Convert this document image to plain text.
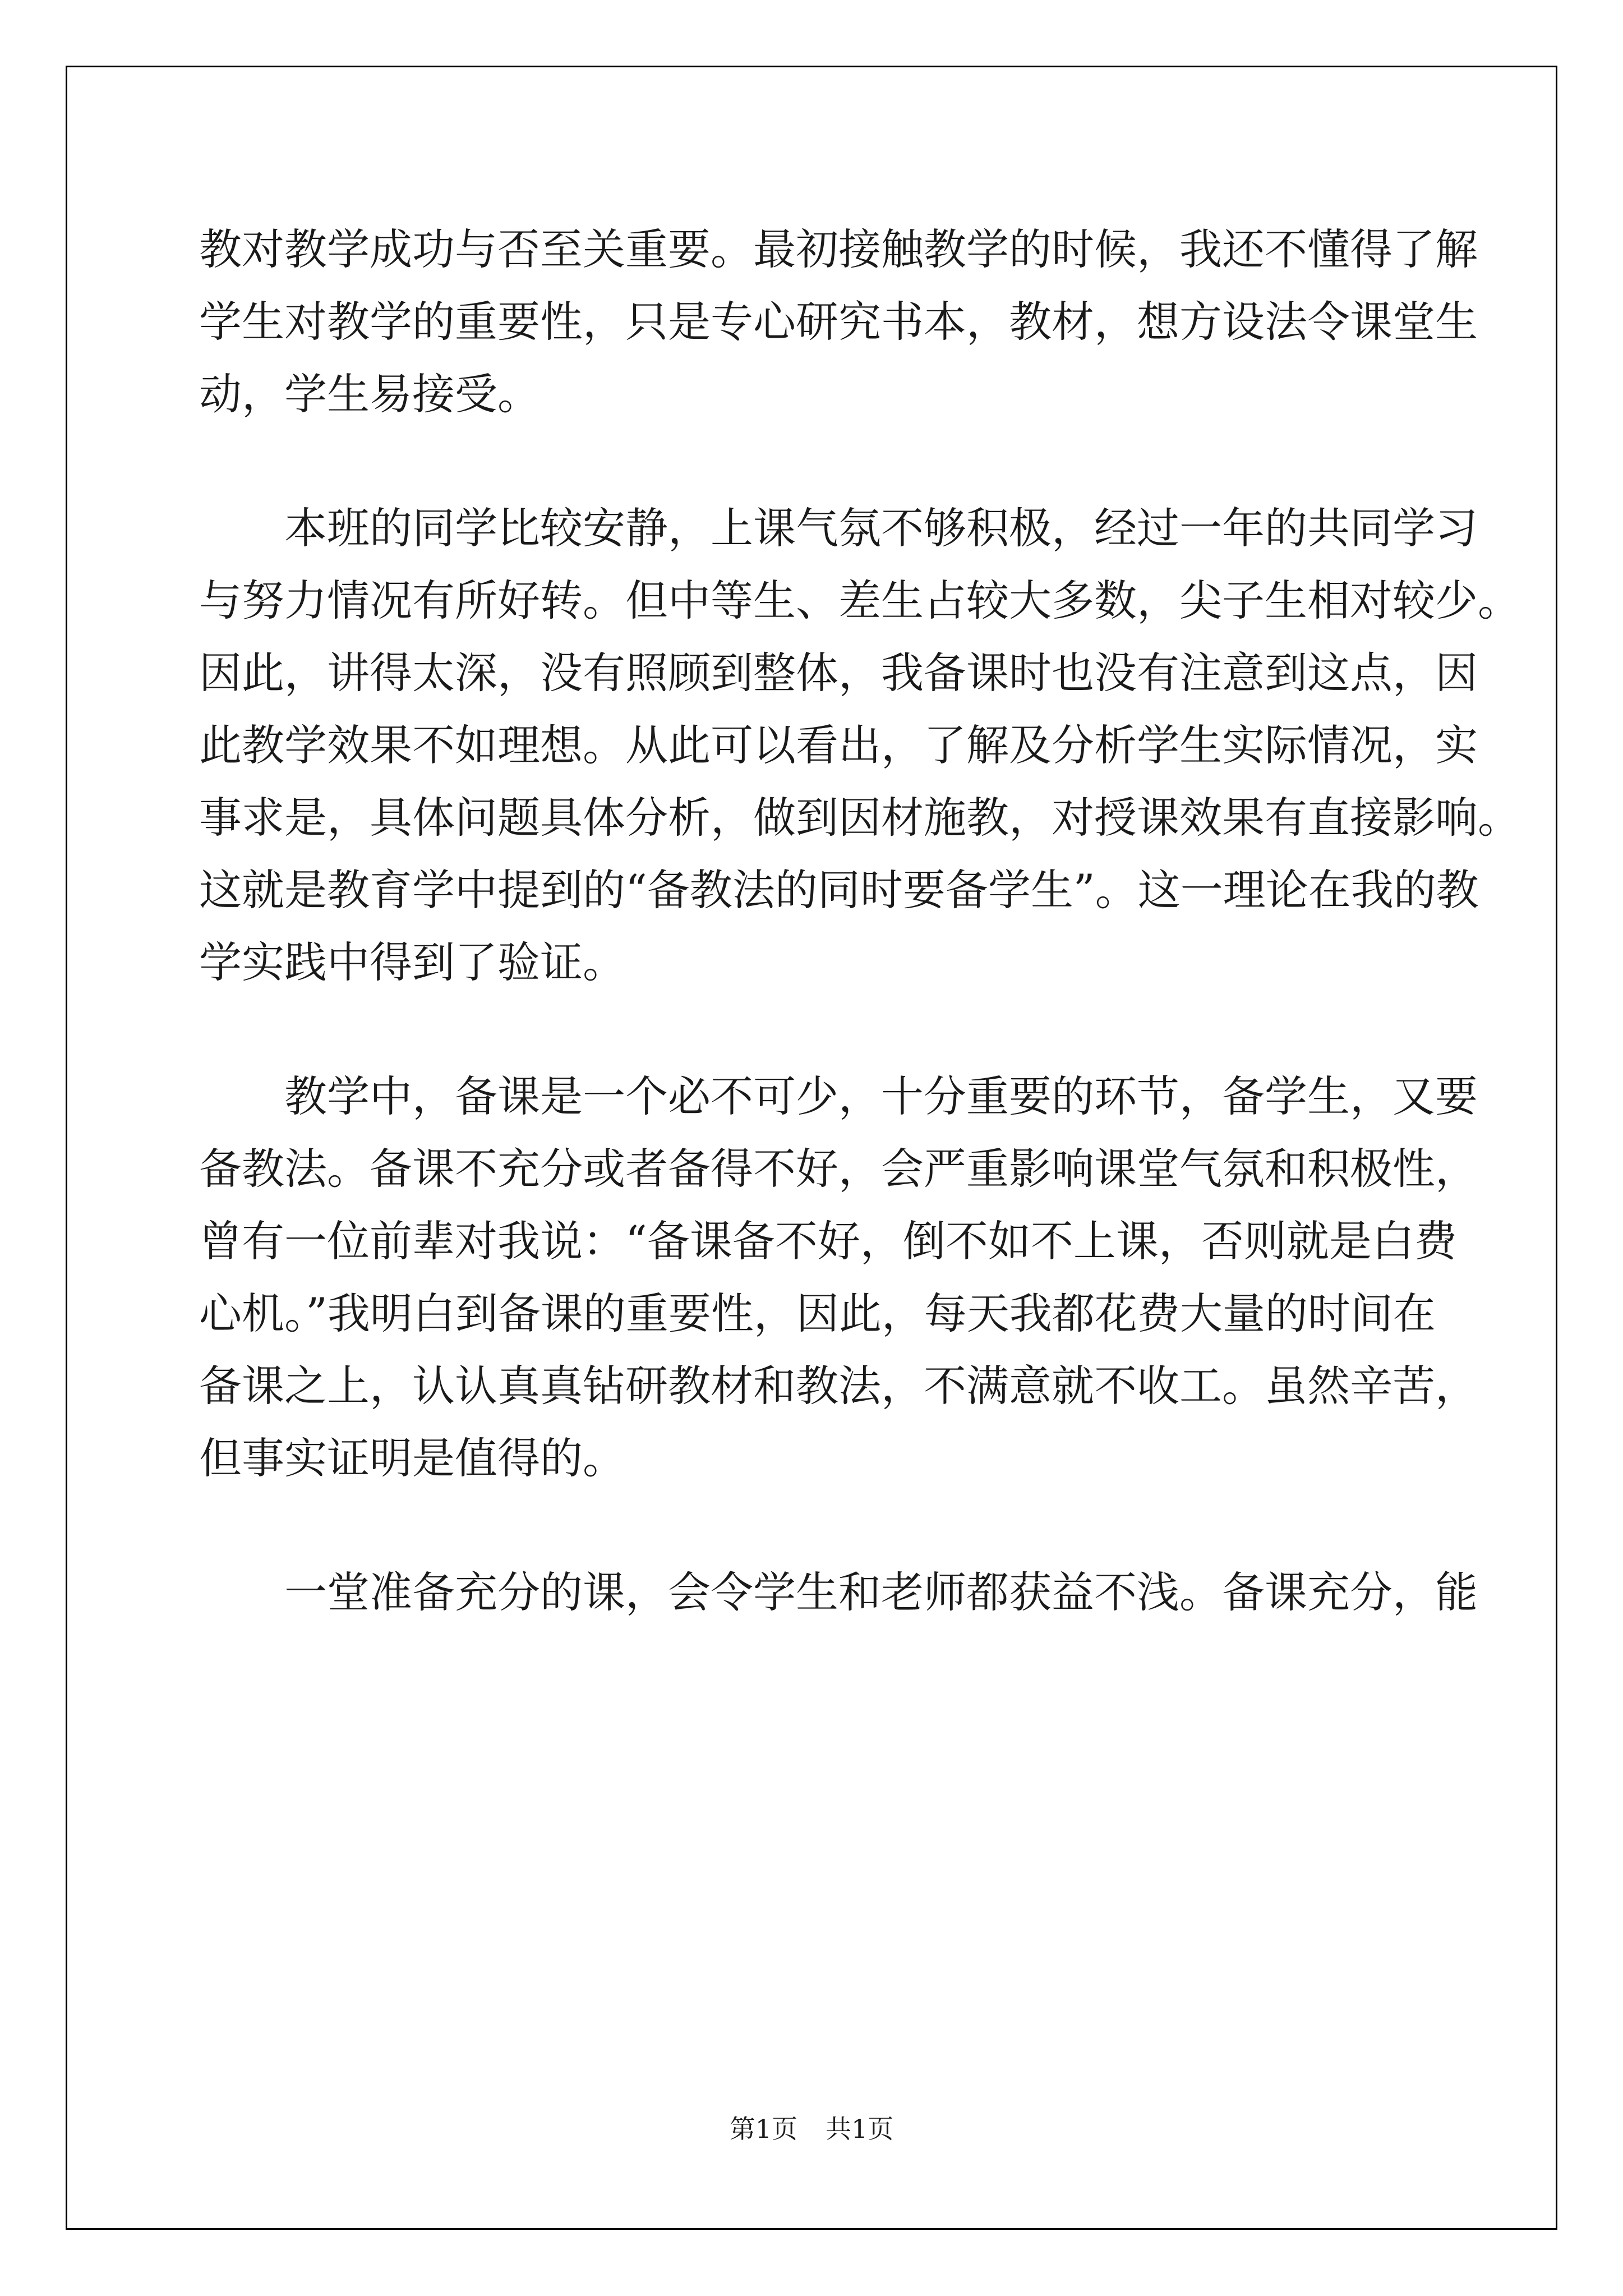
教对教学成功与否至关重要。最初接触教学的时候，我还不懂得了解
学生对教学的重要性，只是专心研究书本，教材，想方设法令课堂生
动，学生易接受。
　　本班的同学比较安静，上课气氛不够积极，经过一年的共同学习
与努力情况有所好转。但中等生、差生占较大多数，尖子生相对较少。
因此，讲得太深，没有照顾到整体，我备课时也没有注意到这点，因
此教学效果不如理想。从此可以看出，了解及分析学生实际情况，实
事求是，具体问题具体分析，做到因材施教，对授课效果有直接影响。
这就是教育学中提到的“备教法的同时要备学生”。这一理论在我的教
学实践中得到了验证。
　　教学中，备课是一个必不可少，十分重要的环节，备学生，又要
备教法。备课不充分或者备得不好，会严重影响课堂气氛和积极性，
曾有一位前辈对我说：“备课备不好，倒不如不上课，否则就是白费
心机。”我明白到备课的重要性，因此，每天我都花费大量的时间在
备课之上，认认真真钻研教材和教法，不满意就不收工。虽然辛苦，
但事实证明是值得的。
　　一堂准备充分的课，会令学生和老师都获益不浅。备课充分，能
第1页 共1页
